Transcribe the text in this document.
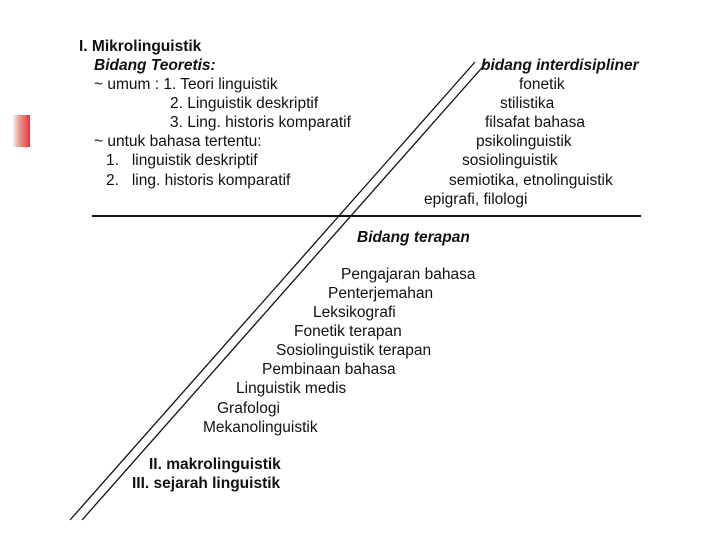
I. Mikrolinguistik
Bidang Teoretis:
~ umum : 1. Teori linguistik
2. Linguistik deskriptif
3. Ling. historis komparatif
~ untuk bahasa tertentu:
1.   linguistik deskriptif
2.   ling. historis komparatif
bidang interdisipliner
fonetik
stilistika
filsafat bahasa
psikolinguistik
sosiolinguistik
semiotika, etnolinguistik
epigrafi, filologi
Bidang terapan
Pengajaran bahasa
Penterjemahan
Leksikografi
Fonetik terapan
Sosiolinguistik terapan
Pembinaan bahasa
Linguistik medis
Grafologi
Mekanolinguistik
II. makrolinguistik
III. sejarah linguistik
